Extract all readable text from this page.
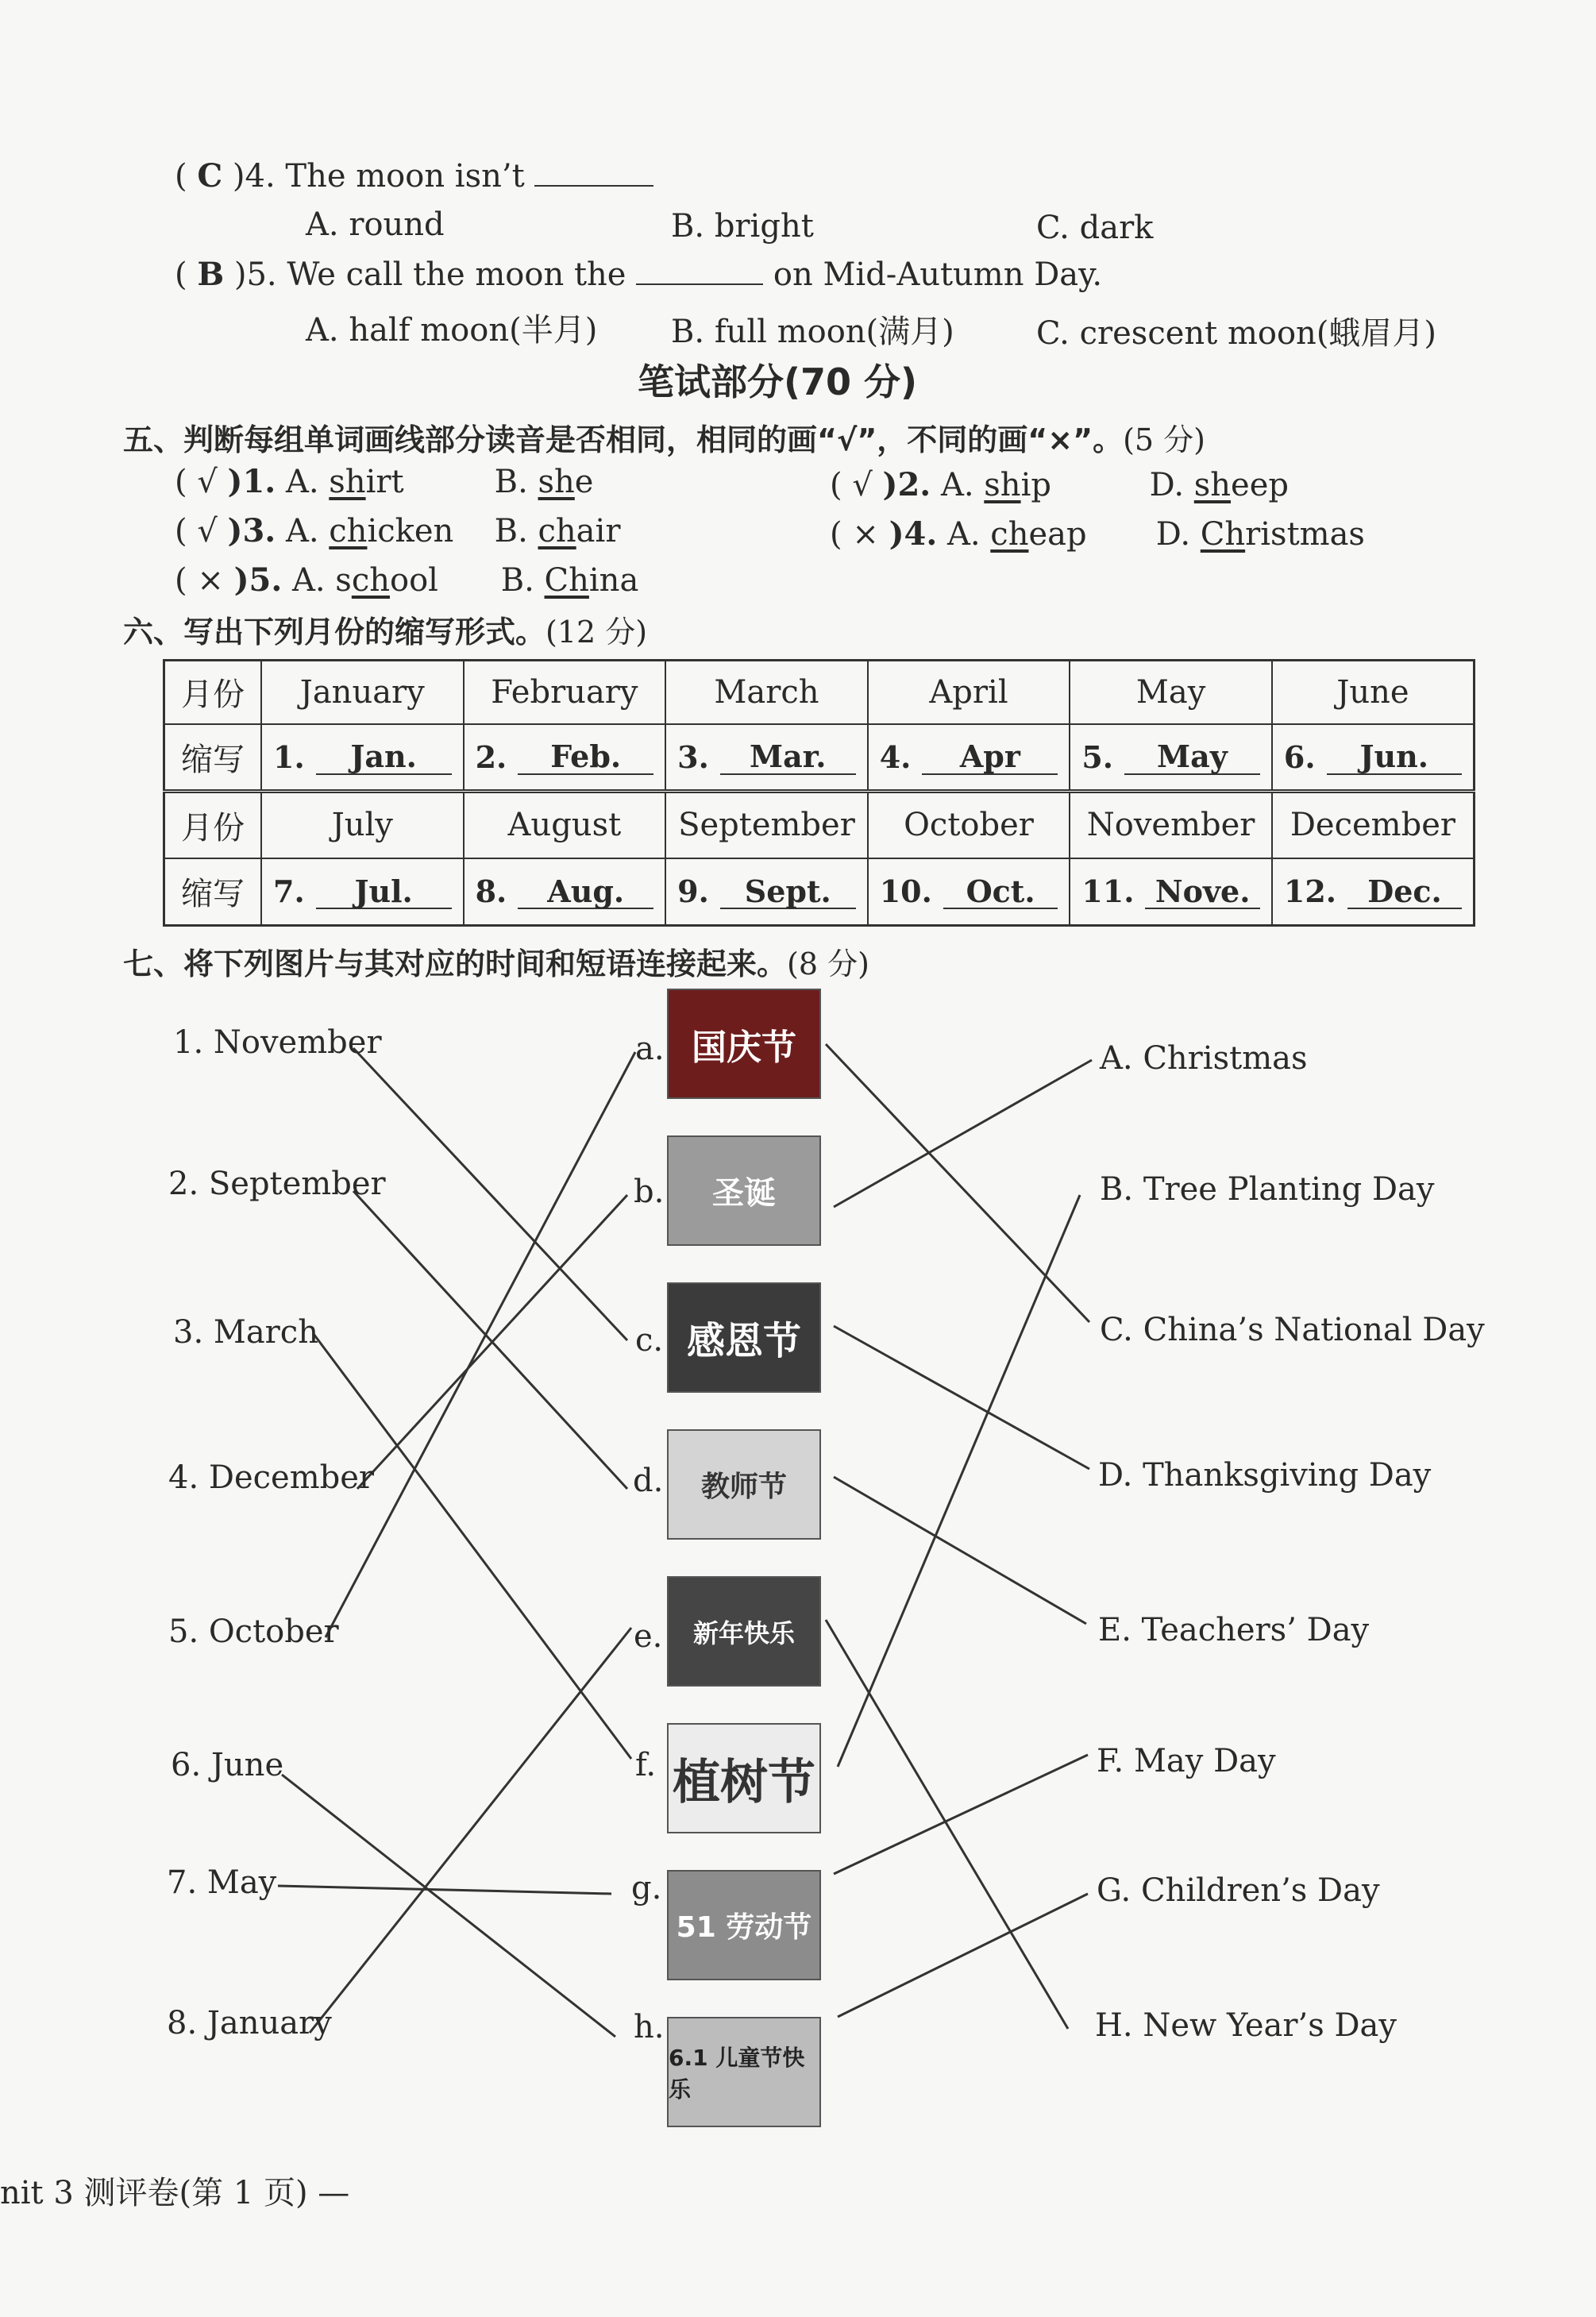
( C )4. The moon isn’t
A. round	B. bright	C. dark
( B )5. We call the moon the	on Mid-Autumn Day.
A. half moon(半月) B. full moon(满月)	C. crescent moon(蛾眉月)
笔试部分(70 分)
五、判断每组单词画线部分读音是否相同，相同的画“√”，不同的画“×”。(5 分)
( √ )1. A. shirt	B. she	( √ )2. A. ship	D. sheep
( √ )3. A. chicken B. chair	( × )4. A. cheap D. Christmas
( × )5. A. school B. China
六、写出下列月份的缩写形式。(12 分)
月份	January	February	March	April	May	June
缩写	1. Jan.	2. Feb.	3. Mar.	4. Apr	5. May	6. Jun.

月份	July	August	September	October	November	December
缩写	7. Jul.	8. Aug.	9. Sept.	10. Oct.	11. Nove.	12. Dec.
七、将下列图片与其对应的时间和短语连接起来。(8 分)
1. November
2. September
3. March
4. December
5. October
6. June
7. May
8. January
a.
b.
c.
d.
e.
f.
g.
h.
国庆节
圣诞
感恩节
教师节
新年快乐
植树节
51 劳动节
6.1 儿童节快乐
A. Christmas
B. Tree Planting Day
C. China’s National Day
D. Thanksgiving Day
E. Teachers’ Day
F. May Day
G. Children’s Day
H. New Year’s Day
nit 3 测评卷(第 1 页) —
